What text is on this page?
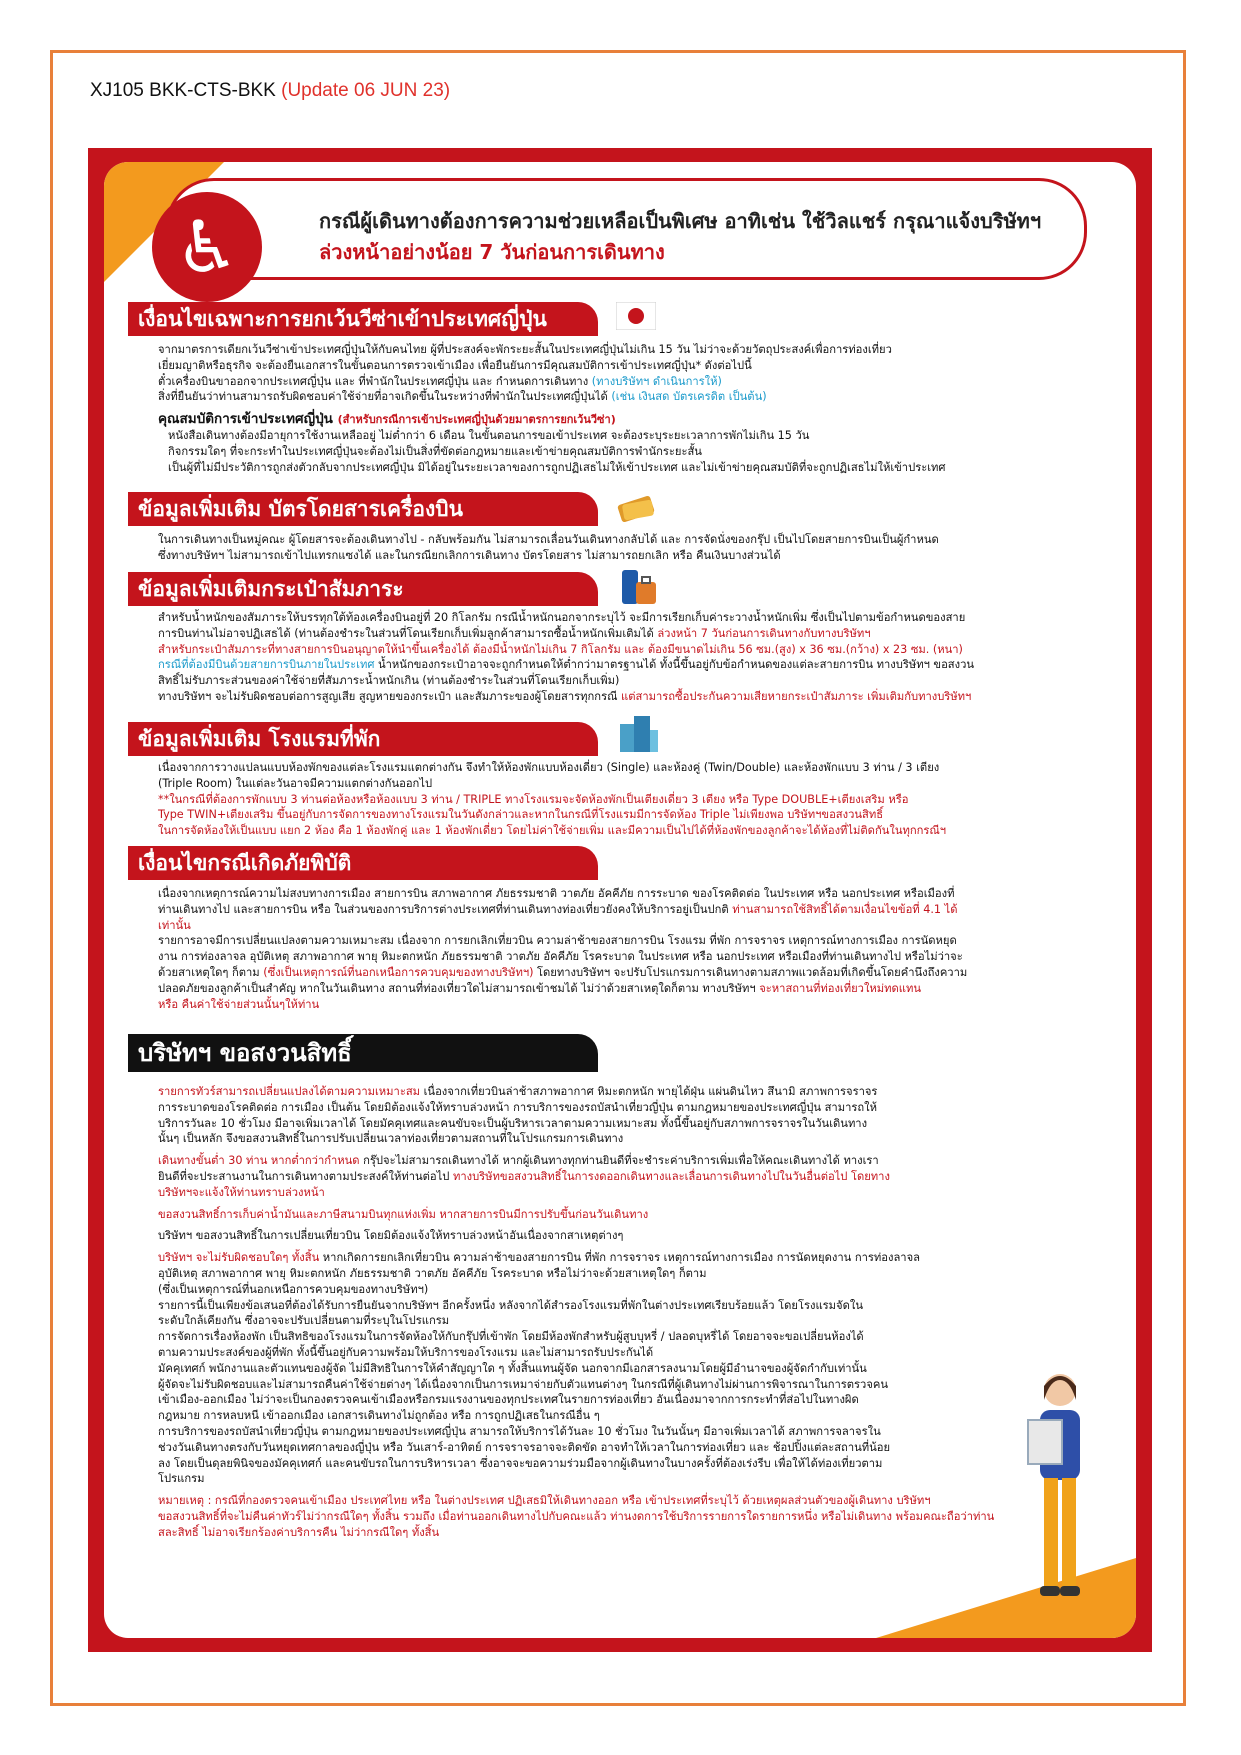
XJ105 BKK-CTS-BKK (Update 06 JUN 23)
กรณีผู้เดินทางต้องการความช่วยเหลือเป็นพิเศษ อาทิเช่น ใช้วิลแชร์ กรุณาแจ้งบริษัทฯ
ล่วงหน้าอย่างน้อย 7 วันก่อนการเดินทาง
♿
เงื่อนไขเฉพาะการยกเว้นวีซ่าเข้าประเทศญี่ปุ่น
จากมาตรการเดียกเว้นวีซ่าเข้าประเทศญี่ปุ่นให้กับคนไทย ผู้ที่ประสงค์จะพักระยะสั้นในประเทศญี่ปุ่นไม่เกิน 15 วัน ไม่ว่าจะด้วยวัตถุประสงค์เพื่อการท่องเที่ยว
เยี่ยมญาติหรือธุรกิจ จะต้องยืนเอกสารในขั้นตอนการตรวจเข้าเมือง เพื่อยืนยันการมีคุณสมบัติการเข้าประเทศญี่ปุ่น* ดังต่อไปนี้
ตั๋วเครื่องบินขาออกจากประเทศญี่ปุ่น และ ที่พำนักในประเทศญี่ปุ่น และ กำหนดการเดินทาง (ทางบริษัทฯ ดำเนินการให้)
สิ่งที่ยืนยันว่าท่านสามารถรับผิดชอบค่าใช้จ่ายที่อาจเกิดขึ้นในระหว่างที่พำนักในประเทศญี่ปุ่นได้ (เช่น เงินสด บัตรเครดิต เป็นต้น)
คุณสมบัติการเข้าประเทศญี่ปุ่น (สำหรับกรณีการเข้าประเทศญี่ปุ่นด้วยมาตรการยกเว้นวีซ่า)
หนังสือเดินทางต้องมีอายุการใช้งานเหลืออยู่ ไม่ต่ำกว่า 6 เดือน ในขั้นตอนการขอเข้าประเทศ จะต้องระบุระยะเวลาการพักไม่เกิน 15 วัน
กิจกรรมใดๆ ที่จะกระทำในประเทศญี่ปุ่นจะต้องไม่เป็นสิ่งที่ขัดต่อกฎหมายและเข้าข่ายคุณสมบัติการพำนักระยะสั้น
เป็นผู้ที่ไม่มีประวัติการถูกส่งตัวกลับจากประเทศญี่ปุ่น มิได้อยู่ในระยะเวลาของการถูกปฏิเสธไม่ให้เข้าประเทศ และไม่เข้าข่ายคุณสมบัติที่จะถูกปฏิเสธไม่ให้เข้าประเทศ
ข้อมูลเพิ่มเติม บัตรโดยสารเครื่องบิน
ในการเดินทางเป็นหมู่คณะ ผู้โดยสารจะต้องเดินทางไป - กลับพร้อมกัน ไม่สามารถเลื่อนวันเดินทางกลับได้ และ การจัดนั่งของกรุ๊ป เป็นไปโดยสายการบินเป็นผู้กำหนด
ซึ่งทางบริษัทฯ ไม่สามารถเข้าไปแทรกแซงได้ และในกรณียกเลิกการเดินทาง บัตรโดยสาร ไม่สามารถยกเลิก หรือ คืนเงินบางส่วนได้
ข้อมูลเพิ่มเติมกระเป๋าสัมภาระ
สำหรับน้ำหนักของสัมภาระให้บรรทุกใต้ท้องเครื่องบินอยู่ที่ 20 กิโลกรัม กรณีน้ำหนักนอกจากระบุไว้ จะมีการเรียกเก็บค่าระวางน้ำหนักเพิ่ม ซึ่งเป็นไปตามข้อกำหนดของสาย
การบินท่านไม่อาจปฏิเสธได้ (ท่านต้องชำระในส่วนที่โดนเรียกเก็บเพิ่มลูกค้าสามารถซื้อน้ำหนักเพิ่มเติมได้ ล่วงหน้า 7 วันก่อนการเดินทางกับทางบริษัทฯ
สำหรับกระเป๋าสัมภาระที่ทางสายการบินอนุญาตให้นำขึ้นเครื่องได้ ต้องมีน้ำหนักไม่เกิน 7 กิโลกรัม และ ต้องมีขนาดไม่เกิน 56 ซม.(สูง) x 36 ซม.(กว้าง) x 23 ซม. (หนา)
กรณีที่ต้องมีบินด้วยสายการบินภายในประเทศ น้ำหนักของกระเป๋าอาจจะถูกกำหนดให้ต่ำกว่ามาตรฐานได้ ทั้งนี้ขึ้นอยู่กับข้อกำหนดของแต่ละสายการบิน ทางบริษัทฯ ขอสงวน
สิทธิ์ไม่รับภาระส่วนของค่าใช้จ่ายที่สัมภาระน้ำหนักเกิน (ท่านต้องชำระในส่วนที่โดนเรียกเก็บเพิ่ม)
ทางบริษัทฯ จะไม่รับผิดชอบต่อการสูญเสีย สูญหายของกระเป๋า และสัมภาระของผู้โดยสารทุกกรณี แต่สามารถซื้อประกันความเสียหายกระเป๋าสัมภาระ เพิ่มเติมกับทางบริษัทฯ
ข้อมูลเพิ่มเติม โรงแรมที่พัก
เนื่องจากการวางแปลนแบบห้องพักของแต่ละโรงแรมแตกต่างกัน จึงทำให้ห้องพักแบบห้องเดี่ยว (Single) และห้องคู่ (Twin/Double) และห้องพักแบบ 3 ท่าน / 3 เตียง
(Triple Room) ในแต่ละวันอาจมีความแตกต่างกันออกไป
**ในกรณีที่ต้องการพักแบบ 3 ท่านต่อห้องหรือห้องแบบ 3 ท่าน / TRIPLE ทางโรงแรมจะจัดห้องพักเป็นเตียงเดี่ยว 3 เตียง หรือ Type DOUBLE+เตียงเสริม หรือ
Type TWIN+เตียงเสริม ขึ้นอยู่กับการจัดการของทางโรงแรมในวันดังกล่าวและหากในกรณีที่โรงแรมมีการจัดห้อง Triple ไม่เพียงพอ บริษัทฯขอสงวนสิทธิ์
ในการจัดห้องให้เป็นแบบ แยก 2 ห้อง คือ 1 ห้องพักคู่ และ 1 ห้องพักเดี่ยว โดยไม่ค่าใช้จ่ายเพิ่ม และมีความเป็นไปได้ที่ห้องพักของลูกค้าจะได้ห้องที่ไม่ติดกันในทุกกรณีฯ
เงื่อนไขกรณีเกิดภัยพิบัติ
เนื่องจากเหตุการณ์ความไม่สงบทางการเมือง สายการบิน สภาพอากาศ ภัยธรรมชาติ วาตภัย อัคคีภัย การระบาด ของโรคติดต่อ ในประเทศ หรือ นอกประเทศ หรือเมืองที่
ท่านเดินทางไป และสายการบิน หรือ ในส่วนของการบริการต่างประเทศที่ท่านเดินทางท่องเที่ยวยังคงให้บริการอยู่เป็นปกติ ท่านสามารถใช้สิทธิ์ได้ตามเงื่อนไขข้อที่ 4.1 ได้
เท่านั้น
รายการอาจมีการเปลี่ยนแปลงตามความเหมาะสม เนื่องจาก การยกเลิกเที่ยวบิน ความล่าช้าของสายการบิน โรงแรม ที่พัก การจราจร เหตุการณ์ทางการเมือง การนัดหยุด
งาน การท่องลาจล อุบัติเหตุ สภาพอากาศ พายุ หิมะตกหนัก ภัยธรรมชาติ วาตภัย อัคคีภัย โรคระบาด ในประเทศ หรือ นอกประเทศ หรือเมืองที่ท่านเดินทางไป หรือไม่ว่าจะ
ด้วยสาเหตุใดๆ ก็ตาม (ซึ่งเป็นเหตุการณ์ที่นอกเหนือการควบคุมของทางบริษัทฯ) โดยทางบริษัทฯ จะปรับโปรแกรมการเดินทางตามสภาพแวดล้อมที่เกิดขึ้นโดยคำนึงถึงความ
ปลอดภัยของลูกค้าเป็นสำคัญ หากในวันเดินทาง สถานที่ท่องเที่ยวใดไม่สามารถเข้าชมได้ ไม่ว่าด้วยสาเหตุใดก็ตาม ทางบริษัทฯ จะหาสถานที่ท่องเที่ยวใหม่ทดแทน
หรือ คืนค่าใช้จ่ายส่วนนั้นๆให้ท่าน
บริษัทฯ ขอสงวนสิทธิ์
รายการทัวร์สามารถเปลี่ยนแปลงได้ตามความเหมาะสม เนื่องจากเที่ยวบินล่าช้าสภาพอากาศ หิมะตกหนัก พายุได้ฝุ่น แผ่นดินไหว สึนามิ สภาพการจราจร
การระบาดของโรคติดต่อ การเมือง เป็นต้น โดยมิต้องแจ้งให้ทราบล่วงหน้า การบริการของรถบัสนำเที่ยวญี่ปุ่น ตามกฎหมายของประเทศญี่ปุ่น สามารถให้
บริการวันละ 10 ชั่วโมง มีอาจเพิ่มเวลาได้ โดยมัคคุเทศและคนขับจะเป็นผู้บริหารเวลาตามความเหมาะสม ทั้งนี้ขึ้นอยู่กับสภาพการจราจรในวันเดินทาง
นั้นๆ เป็นหลัก จึงขอสงวนสิทธิ์ในการปรับเปลี่ยนเวลาท่องเที่ยวตามสถานที่ในโปรแกรมการเดินทาง
เดินทางขั้นต่ำ 30 ท่าน หากต่ำกว่ากำหนด กรุ๊ปจะไม่สามารถเดินทางได้ หากผู้เดินทางทุกท่านยินดีที่จะชำระค่าบริการเพิ่มเพื่อให้คณะเดินทางได้ ทางเรา
ยินดีที่จะประสานงานในการเดินทางตามประสงค์ให้ท่านต่อไป ทางบริษัทขอสงวนสิทธิ์ในการงดออกเดินทางและเลื่อนการเดินทางไปในวันอื่นต่อไป โดยทาง
บริษัทฯจะแจ้งให้ท่านทราบล่วงหน้า
ขอสงวนสิทธิ์การเก็บค่าน้ำมันและภาษีสนามบินทุกแห่งเพิ่ม หากสายการบินมีการปรับขึ้นก่อนวันเดินทาง
บริษัทฯ ขอสงวนสิทธิ์ในการเปลี่ยนเที่ยวบิน โดยมิต้องแจ้งให้ทราบล่วงหน้าอันเนื่องจากสาเหตุต่างๆ
บริษัทฯ จะไม่รับผิดชอบใดๆ ทั้งสิ้น หากเกิดการยกเลิกเที่ยวบิน ความล่าช้าของสายการบิน ที่พัก การจราจร เหตุการณ์ทางการเมือง การนัดหยุดงาน การท่องลาจล
อุบัติเหตุ สภาพอากาศ พายุ หิมะตกหนัก ภัยธรรมชาติ วาตภัย อัคคีภัย โรคระบาด หรือไม่ว่าจะด้วยสาเหตุใดๆ ก็ตาม
(ซึ่งเป็นเหตุการณ์ที่นอกเหนือการควบคุมของทางบริษัทฯ)
รายการนี้เป็นเพียงข้อเสนอที่ต้องได้รับการยืนยันจากบริษัทฯ อีกครั้งหนึ่ง หลังจากได้สำรองโรงแรมที่พักในต่างประเทศเรียบร้อยแล้ว โดยโรงแรมจัดใน
ระดับใกล้เคียงกัน ซึ่งอาจจะปรับเปลี่ยนตามที่ระบุในโปรแกรม
การจัดการเรื่องห้องพัก เป็นสิทธิของโรงแรมในการจัดห้องให้กับกรุ๊ปที่เข้าพัก โดยมีห้องพักสำหรับผู้สูบบุหรี่ / ปลอดบุหรี่ได้ โดยอาจจะขอเปลี่ยนห้องได้
ตามความประสงค์ของผู้ที่พัก ทั้งนี้ขึ้นอยู่กับความพร้อมให้บริการของโรงแรม และไม่สามารถรับประกันได้
มัคคุเทศก์ พนักงานและตัวแทนของผู้จัด ไม่มีสิทธิในการให้คำสัญญาใด ๆ ทั้งสิ้นแทนผู้จัด นอกจากมีเอกสารลงนามโดยผู้มีอำนาจของผู้จัดกำกับเท่านั้น
ผู้จัดจะไม่รับผิดชอบและไม่สามารถคืนค่าใช้จ่ายต่างๆ ได้เนื่องจากเป็นการเหมาจ่ายกับตัวแทนต่างๆ ในกรณีที่ผู้เดินทางไม่ผ่านการพิจารณาในการตรวจคน
เข้าเมือง-ออกเมือง ไม่ว่าจะเป็นกองตรวจคนเข้าเมืองหรือกรมแรงงานของทุกประเทศในรายการท่องเที่ยว อันเนื่องมาจากการกระทำที่ส่อไปในทางผิด
กฎหมาย การหลบหนี เข้าออกเมือง เอกสารเดินทางไม่ถูกต้อง หรือ การถูกปฏิเสธในกรณีอื่น ๆ
การบริการของรถบัสนำเที่ยวญี่ปุ่น ตามกฎหมายของประเทศญี่ปุ่น สามารถให้บริการได้วันละ 10 ชั่วโมง ในวันนั้นๆ มีอาจเพิ่มเวลาได้ สภาพการจลาจรใน
ช่วงวันเดินทางตรงกับวันหยุดเทศกาลของญี่ปุ่น หรือ วันเสาร์-อาทิตย์ การจราจรอาจจะติดขัด อาจทำให้เวลาในการท่องเที่ยว และ ช้อปปิ้งแต่ละสถานที่น้อย
ลง โดยเป็นดุลยพินิจของมัคคุเทศก์ และคนขับรถในการบริหารเวลา ซึ่งอาจจะขอความร่วมมือจากผู้เดินทางในบางครั้งที่ต้องเร่งรีบ เพื่อให้ได้ท่องเที่ยวตาม
โปรแกรม
หมายเหตุ : กรณีที่กองตรวจคนเข้าเมือง ประเทศไทย หรือ ในต่างประเทศ ปฏิเสธมิให้เดินทางออก หรือ เข้าประเทศที่ระบุไว้ ด้วยเหตุผลส่วนตัวของผู้เดินทาง บริษัทฯ
ขอสงวนสิทธิ์ที่จะไม่คืนค่าทัวร์ไม่ว่ากรณีใดๆ ทั้งสิ้น รวมถึง เมื่อท่านออกเดินทางไปกับคณะแล้ว ท่านงดการใช้บริการรายการใดรายการหนึ่ง หรือไม่เดินทาง พร้อมคณะถือว่าท่าน
สละสิทธิ์ ไม่อาจเรียกร้องค่าบริการคืน ไม่ว่ากรณีใดๆ ทั้งสิ้น
